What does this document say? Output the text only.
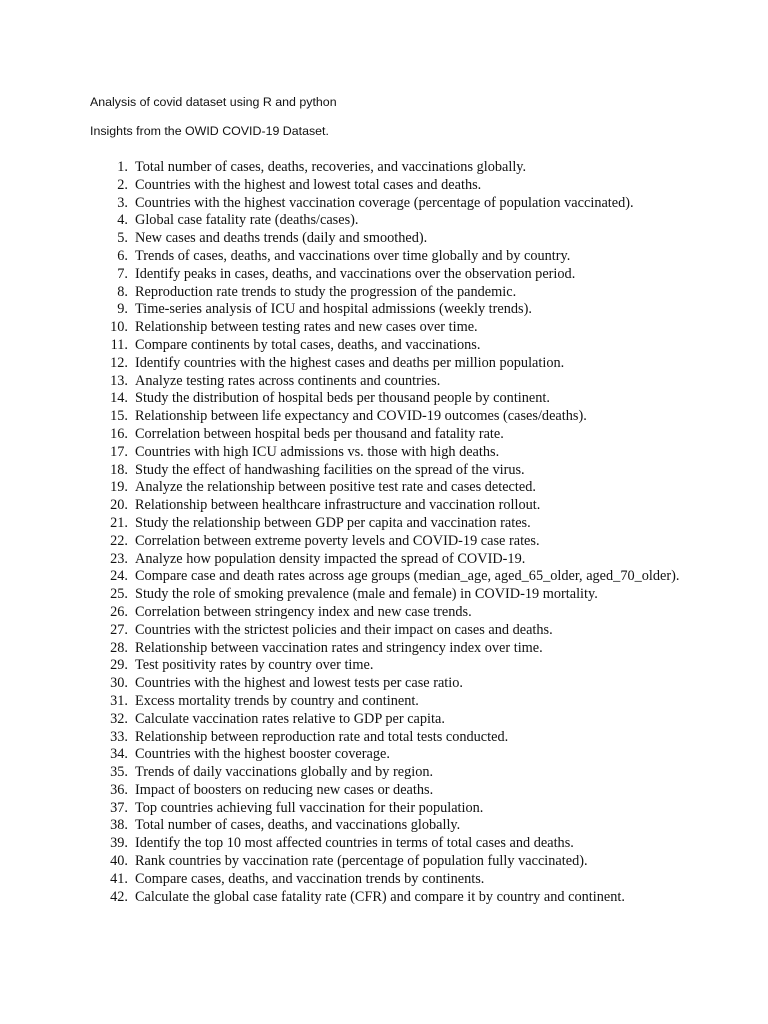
Analysis of covid dataset using R and python
Insights from the OWID COVID-19 Dataset.
1. Total number of cases, deaths, recoveries, and vaccinations globally.
2. Countries with the highest and lowest total cases and deaths.
3. Countries with the highest vaccination coverage (percentage of population vaccinated).
4. Global case fatality rate (deaths/cases).
5. New cases and deaths trends (daily and smoothed).
6. Trends of cases, deaths, and vaccinations over time globally and by country.
7. Identify peaks in cases, deaths, and vaccinations over the observation period.
8. Reproduction rate trends to study the progression of the pandemic.
9. Time-series analysis of ICU and hospital admissions (weekly trends).
10. Relationship between testing rates and new cases over time.
11. Compare continents by total cases, deaths, and vaccinations.
12. Identify countries with the highest cases and deaths per million population.
13. Analyze testing rates across continents and countries.
14. Study the distribution of hospital beds per thousand people by continent.
15. Relationship between life expectancy and COVID-19 outcomes (cases/deaths).
16. Correlation between hospital beds per thousand and fatality rate.
17. Countries with high ICU admissions vs. those with high deaths.
18. Study the effect of handwashing facilities on the spread of the virus.
19. Analyze the relationship between positive test rate and cases detected.
20. Relationship between healthcare infrastructure and vaccination rollout.
21. Study the relationship between GDP per capita and vaccination rates.
22. Correlation between extreme poverty levels and COVID-19 case rates.
23. Analyze how population density impacted the spread of COVID-19.
24. Compare case and death rates across age groups (median_age, aged_65_older, aged_70_older).
25. Study the role of smoking prevalence (male and female) in COVID-19 mortality.
26. Correlation between stringency index and new case trends.
27. Countries with the strictest policies and their impact on cases and deaths.
28. Relationship between vaccination rates and stringency index over time.
29. Test positivity rates by country over time.
30. Countries with the highest and lowest tests per case ratio.
31. Excess mortality trends by country and continent.
32. Calculate vaccination rates relative to GDP per capita.
33. Relationship between reproduction rate and total tests conducted.
34. Countries with the highest booster coverage.
35. Trends of daily vaccinations globally and by region.
36. Impact of boosters on reducing new cases or deaths.
37. Top countries achieving full vaccination for their population.
38. Total number of cases, deaths, and vaccinations globally.
39. Identify the top 10 most affected countries in terms of total cases and deaths.
40. Rank countries by vaccination rate (percentage of population fully vaccinated).
41. Compare cases, deaths, and vaccination trends by continents.
42. Calculate the global case fatality rate (CFR) and compare it by country and continent.
